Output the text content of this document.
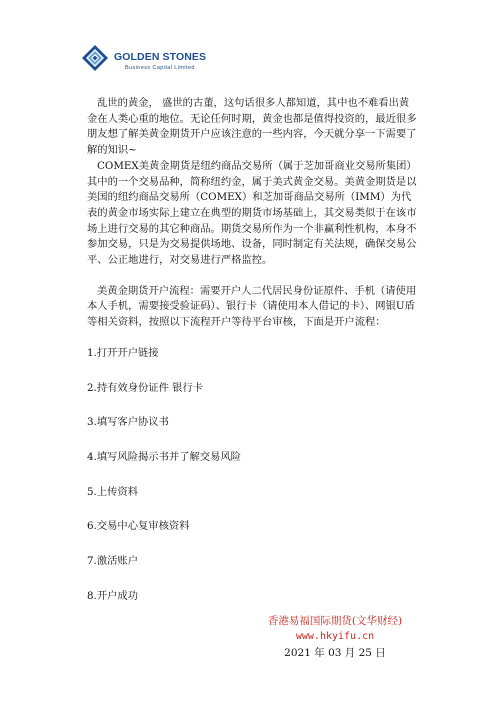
GOLDEN STONES
Business Capital Limited

乱世的黄金， 盛世的古董，这句话很多人都知道，其中也不难看出黄金在人类心重的地位。无论任何时期，黄金也都是值得投资的，最近很多朋友想了解美黄金期货开户应该注意的一些内容，今天就分享一下需要了解的知识~

COMEX美黄金期货是纽约商品交易所（属于芝加哥商业交易所集团）其中的一个交易品种，简称纽约金，属于美式黄金交易。美黄金期货是以美国的纽约商品交易所（COMEX）和芝加哥商品交易所（IMM）为代表的黄金市场实际上建立在典型的期货市场基础上，其交易类似于在该市场上进行交易的其它种商品。期货交易所作为一个非赢利性机构，本身不参加交易，只是为交易提供场地、设备，同时制定有关法规，确保交易公平、公正地进行，对交易进行严格监控。

美黄金期货开户流程：需要开户人二代居民身份证原件、手机（请使用本人手机，需要接受验证码）、银行卡（请使用本人借记的卡）、网银U盾等相关资料，按照以下流程开户等待平台审核，下面是开户流程：

1.打开开户链接

2.持有效身份证件 银行卡

3.填写客户协议书

4.填写风险揭示书并了解交易风险

5.上传资料

6.交易中心复审核资料

7.激活账户

8.开户成功

香港易福国际期货(文华财经)
www.hkyifu.cn
2021 年 03 月 25 日
